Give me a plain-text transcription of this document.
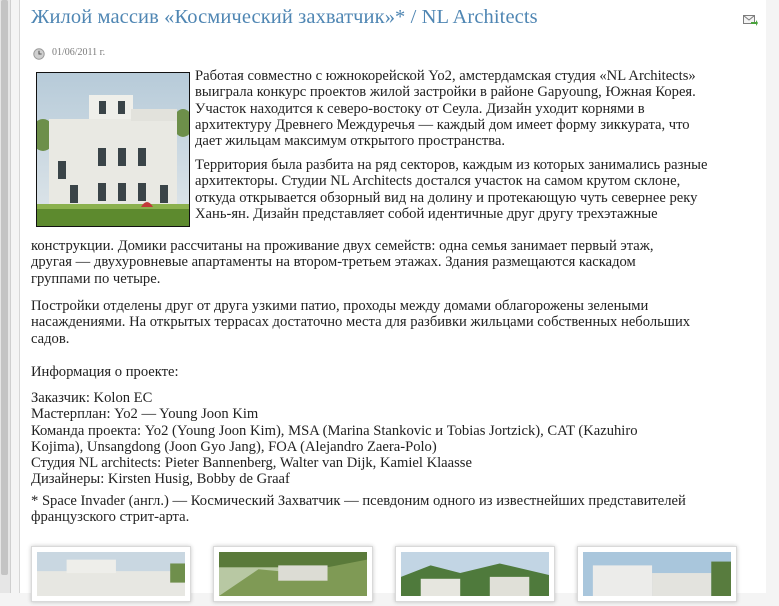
Жилой массив «Космический захватчик»* / NL Architects
01/06/2011 г.
Работая совместно с южнокорейской Yo2, амстердамская студия «NL Architects»
выиграла конкурс проектов жилой застройки в районе Gapyoung, Южная Корея.
Участок находится к северо-востоку от Сеула. Дизайн уходит корнями в
архитектуру Древнего Междуречья — каждый дом имеет форму зиккурата, что
дает жильцам максимум открытого пространства.
Территория была разбита на ряд секторов, каждым из которых занимались разные
архитекторы. Студии NL Architects достался участок на самом крутом склоне,
откуда открывается обзорный вид на долину и протекающую чуть севернее реку
Хань-ян. Дизайн представляет собой идентичные друг другу трехэтажные
конструкции. Домики рассчитаны на проживание двух семейств: одна семья занимает первый этаж,
другая — двухуровневые апартаменты на втором-третьем этажах. Здания размещаются каскадом
группами по четыре.
Постройки отделены друг от друга узкими патио, проходы между домами облагорожены зелеными
насаждениями. На открытых террасах достаточно места для разбивки жильцами собственных небольших
садов.
Информация о проекте:
Заказчик: Kolon EC
Мастерплан: Yo2 — Young Joon Kim
Команда проекта: Yo2 (Young Joon Kim), MSA (Marina Stankovic и Tobias Jortzick), CAT (Kazuhiro
Kojima), Unsangdong (Joon Gyo Jang), FOA (Alejandro Zaera-Polo)
Студия NL architects: Pieter Bannenberg, Walter van Dijk, Kamiel Klaasse
Дизайнеры: Kirsten Husig, Bobby de Graaf
* Space Invader (англ.) — Космический Захватчик — псевдоним одного из известнейших представителей
французского стрит-арта.
